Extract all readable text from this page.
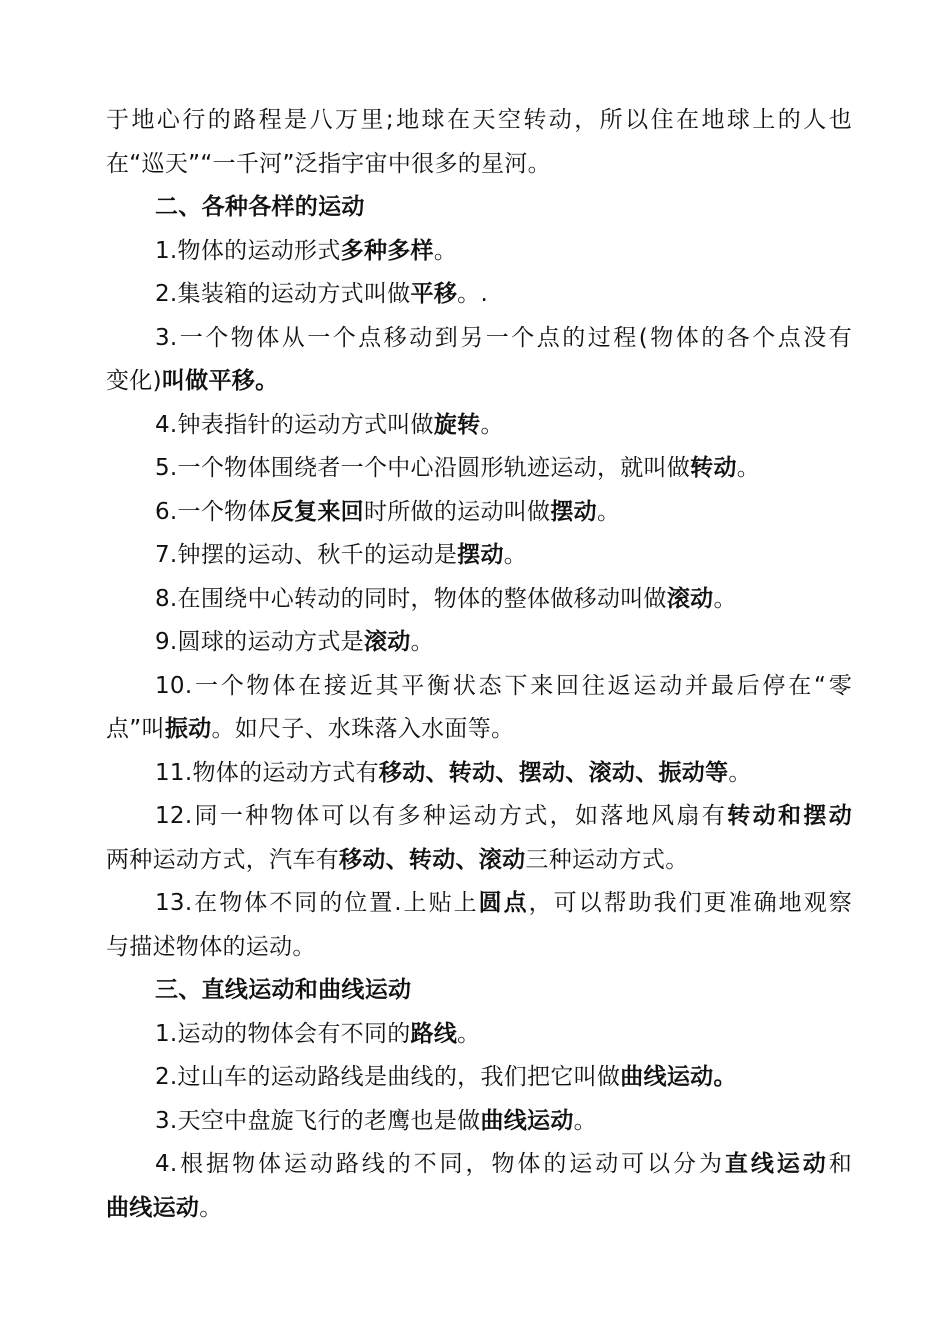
于地心行的路程是八万里;地球在天空转动，所以住在地球上的人也
在“巡天”“一千河”泛指宇宙中很多的星河。
二、各种各样的运动
1.物体的运动形式多种多样。
2.集装箱的运动方式叫做平移。.
3.一个物体从一个点移动到另一个点的过程(物体的各个点没有
变化)叫做平移。
4.钟表指针的运动方式叫做旋转。
5.一个物体围绕者一个中心沿圆形轨迹运动，就叫做转动。
6.一个物体反复来回时所做的运动叫做摆动。
7.钟摆的运动、秋千的运动是摆动。
8.在围绕中心转动的同时，物体的整体做移动叫做滚动。
9.圆球的运动方式是滚动。
10.一个物体在接近其平衡状态下来回往返运动并最后停在“零
点”叫振动。如尺子、水珠落入水面等。
11.物体的运动方式有移动、转动、摆动、滚动、振动等。
12.同一种物体可以有多种运动方式，如落地风扇有转动和摆动
两种运动方式，汽车有移动、转动、滚动三种运动方式。
13.在物体不同的位置.上贴上圆点，可以帮助我们更准确地观察
与描述物体的运动。
三、直线运动和曲线运动
1.运动的物体会有不同的路线。
2.过山车的运动路线是曲线的，我们把它叫做曲线运动。
3.天空中盘旋飞行的老鹰也是做曲线运动。
4.根据物体运动路线的不同，物体的运动可以分为直线运动和
曲线运动。
